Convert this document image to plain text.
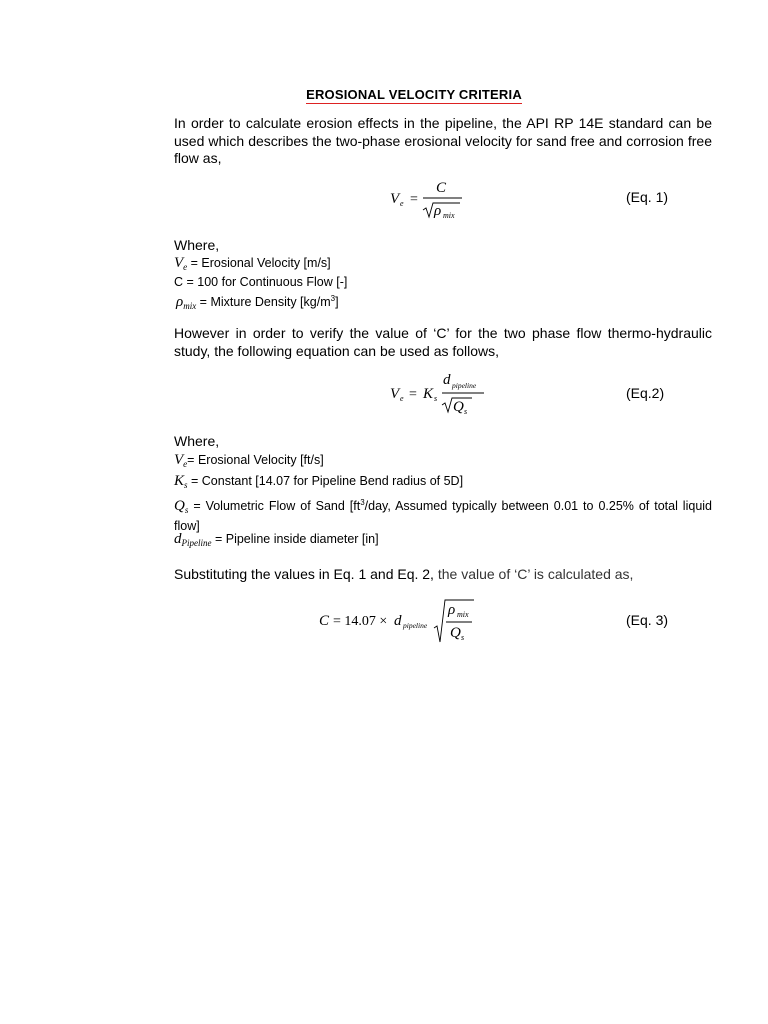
EROSIONAL VELOCITY CRITERIA
In order to calculate erosion effects in the pipeline, the API RP 14E standard can be used which describes the two-phase erosional velocity for sand free and corrosion free flow as,
V e =
C
ρ mix
(Eq. 1)
Where,
$V_e$ = Erosional Velocity [m/s]
C = 100 for Continuous Flow [-]
$\rho_{mix}$ = Mixture Density $[kg/m^3]$
However in order to verify the value of ‘C’ for the two phase flow thermo-hydraulic study, the following equation can be used as follows,
V e = K s
d pipeline
Q s
(Eq.2)
Where,
$V_e=$ Erosional Velocity [ft/s]
$K_s$ = Constant [14.07 for Pipeline Bend radius of 5D]
$Q_s$ = Volumetric Flow of Sand [$ft^3$/day, Assumed typically between 0.01 to 0.25% of total liquid flow]
$d_{Pipeline}$ = Pipeline inside diameter [in]
Substituting the values in Eq. 1 and Eq. 2, the value of ‘C’ is calculated as,
C = 14.07 × d pipeline
ρ mix
Q s
(Eq. 3)
